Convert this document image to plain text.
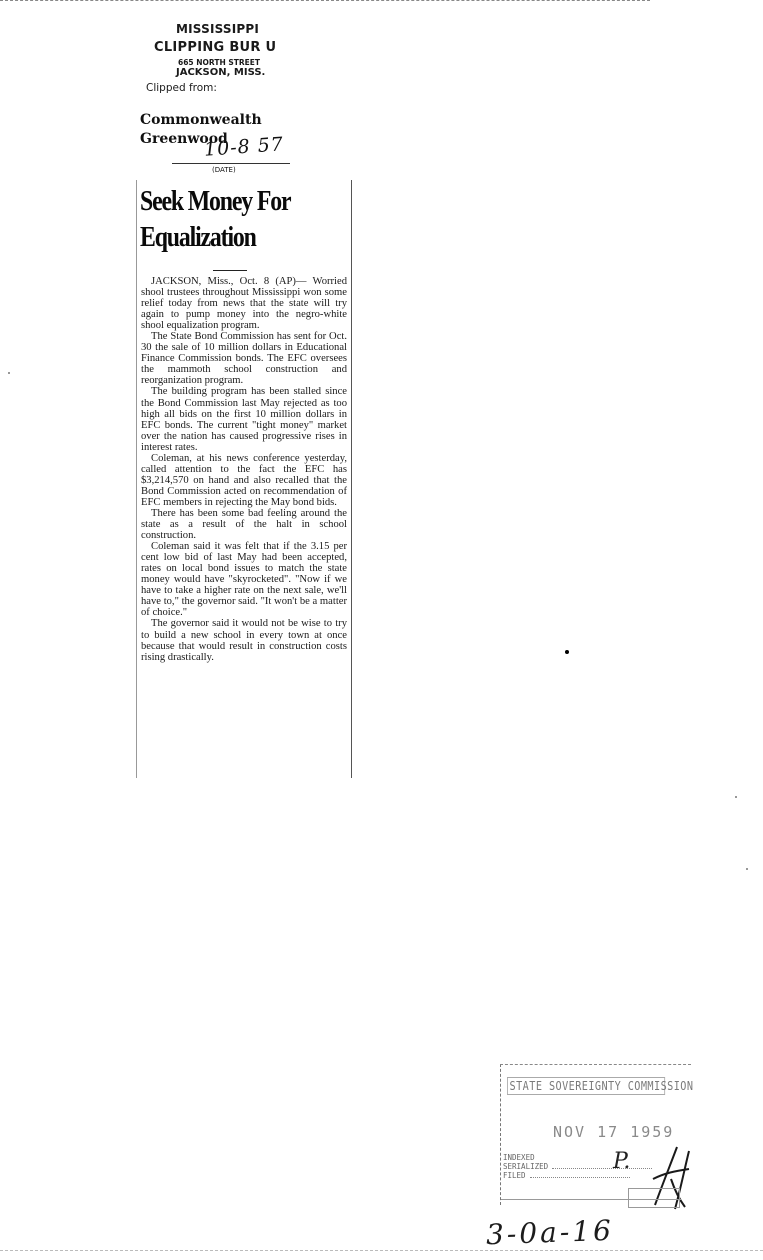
MISSISSIPPI
CLIPPING BUR U
665 NORTH STREET
JACKSON, MISS.
Clipped from:
Commonwealth
Greenwood
10-8 57
(DATE)
Seek Money For Equalization

JACKSON, Miss., Oct. 8 (AP)— Worried shool trustees throughout Mississippi won some relief today from news that the state will try again to pump money into the negro-white shool equalization program.

The State Bond Commission has sent for Oct. 30 the sale of 10 million dollars in Educational Finance Commission bonds. The EFC oversees the mammoth school construction and reorganization program.

The building program has been stalled since the Bond Commission last May rejected as too high all bids on the first 10 million dollars in EFC bonds. The current "tight money" market over the nation has caused progressive rises in interest rates.

Coleman, at his news conference yesterday, called attention to the fact the EFC has $3,214,570 on hand and also recalled that the Bond Commission acted on recommendation of EFC members in rejecting the May bond bids.

There has been some bad feeling around the state as a result of the halt in school construction.

Coleman said it was felt that if the 3.15 per cent low bid of last May had been accepted, rates on local bond issues to match the state money would have "skyrocketed". "Now if we have to take a higher rate on the next sale, we'll have to," the governor said. "It won't be a matter of choice."

The governor said it would not be wise to try to build a new school in every town at once because that would result in construction costs rising drastically.

STATE SOVEREIGNTY COMMISSION
NOV 17 1959
INDEXED
SERIALIZED
FILED
P.
3-0a-16
